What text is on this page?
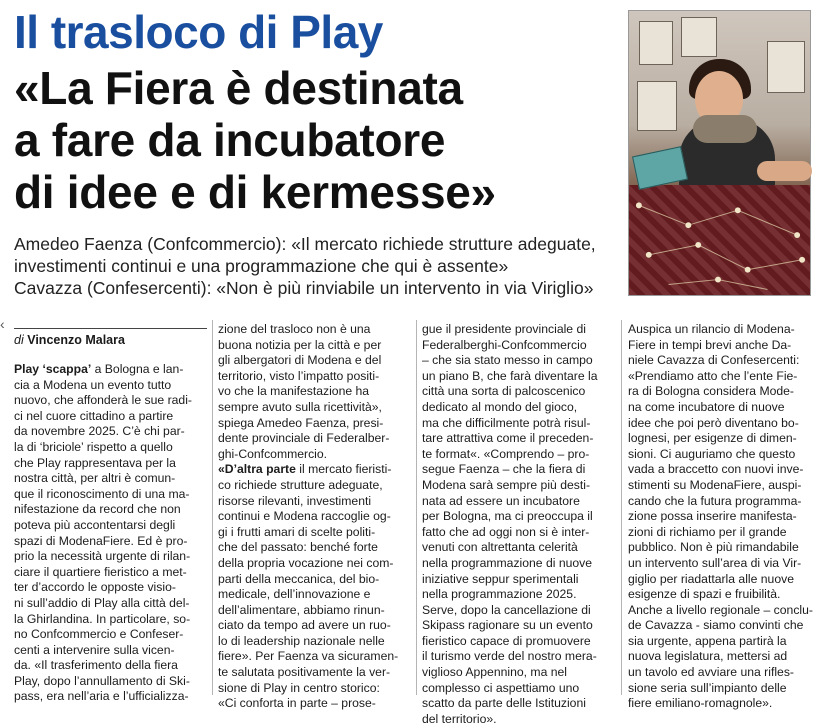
Il trasloco di Play
«La Fiera è destinata
a fare da incubatore
di idee e di kermesse»
Amedeo Faenza (Confcommercio): «Il mercato richiede strutture adeguate,
investimenti continui e una programmazione che qui è assente»
Cavazza (Confesercenti): «Non è più rinviabile un intervento in via Viriglio»
‹
di Vincenzo Malara
Play ‘scappa’ a Bologna e lan-
cia a Modena un evento tutto
nuovo, che affonderà le sue radi-
ci nel cuore cittadino a partire
da novembre 2025. C’è chi par-
la di ‘briciole’ rispetto a quello
che Play rappresentava per la
nostra città, per altri è comun-
que il riconoscimento di una ma-
nifestazione da record che non
poteva più accontentarsi degli
spazi di ModenaFiere. Ed è pro-
prio la necessità urgente di rilan-
ciare il quartiere fieristico a met-
ter d’accordo le opposte visio-
ni sull’addio di Play alla città del-
la Ghirlandina. In particolare, so-
no Confcommercio e Confeser-
centi a intervenire sulla vicen-
da. «Il trasferimento della fiera
Play, dopo l’annullamento di Ski-
pass, era nell’aria e l’ufficializza-
zione del trasloco non è una
buona notizia per la città e per
gli albergatori di Modena e del
territorio, visto l’impatto positi-
vo che la manifestazione ha
sempre avuto sulla ricettività»,
spiega Amedeo Faenza, presi-
dente provinciale di Federalber-
ghi-Confcommercio.
«D’altra parte il mercato fieristi-
co richiede strutture adeguate,
risorse rilevanti, investimenti
continui e Modena raccoglie og-
gi i frutti amari di scelte politi-
che del passato: benché forte
della propria vocazione nei com-
parti della meccanica, del bio-
medicale, dell’innovazione e
dell’alimentare, abbiamo rinun-
ciato da tempo ad avere un ruo-
lo di leadership nazionale nelle
fiere». Per Faenza va sicuramen-
te salutata positivamente la ver-
sione di Play in centro storico:
«Ci conforta in parte – prose-
gue il presidente provinciale di
Federalberghi-Confcommercio
– che sia stato messo in campo
un piano B, che farà diventare la
città una sorta di palcoscenico
dedicato al mondo del gioco,
ma che difficilmente potrà risul-
tare attrattiva come il preceden-
te format«. «Comprendo – pro-
segue Faenza – che la fiera di
Modena sarà sempre più desti-
nata ad essere un incubatore
per Bologna, ma ci preoccupa il
fatto che ad oggi non si è inter-
venuti con altrettanta celerità
nella programmazione di nuove
iniziative seppur sperimentali
nella programmazione 2025.
Serve, dopo la cancellazione di
Skipass ragionare su un evento
fieristico capace di promuovere
il turismo verde del nostro mera-
viglioso Appennino, ma nel
complesso ci aspettiamo uno
scatto da parte delle Istituzioni
del territorio».
Auspica un rilancio di Modena-
Fiere in tempi brevi anche Da-
niele Cavazza di Confesercenti:
«Prendiamo atto che l’ente Fie-
ra di Bologna considera Mode-
na come incubatore di nuove
idee che poi però diventano bo-
lognesi, per esigenze di dimen-
sioni. Ci auguriamo che questo
vada a braccetto con nuovi inve-
stimenti su ModenaFiere, auspi-
cando che la futura programma-
zione possa inserire manifesta-
zioni di richiamo per il grande
pubblico. Non è più rimandabile
un intervento sull’area di via Vir-
giglio per riadattarla alle nuove
esigenze di spazi e fruibilità.
Anche a livello regionale – conclu-
de Cavazza - siamo convinti che
sia urgente, appena partirà la
nuova legislatura, mettersi ad
un tavolo ed avviare una rifles-
sione seria sull’impianto delle
fiere emiliano-romagnole».
